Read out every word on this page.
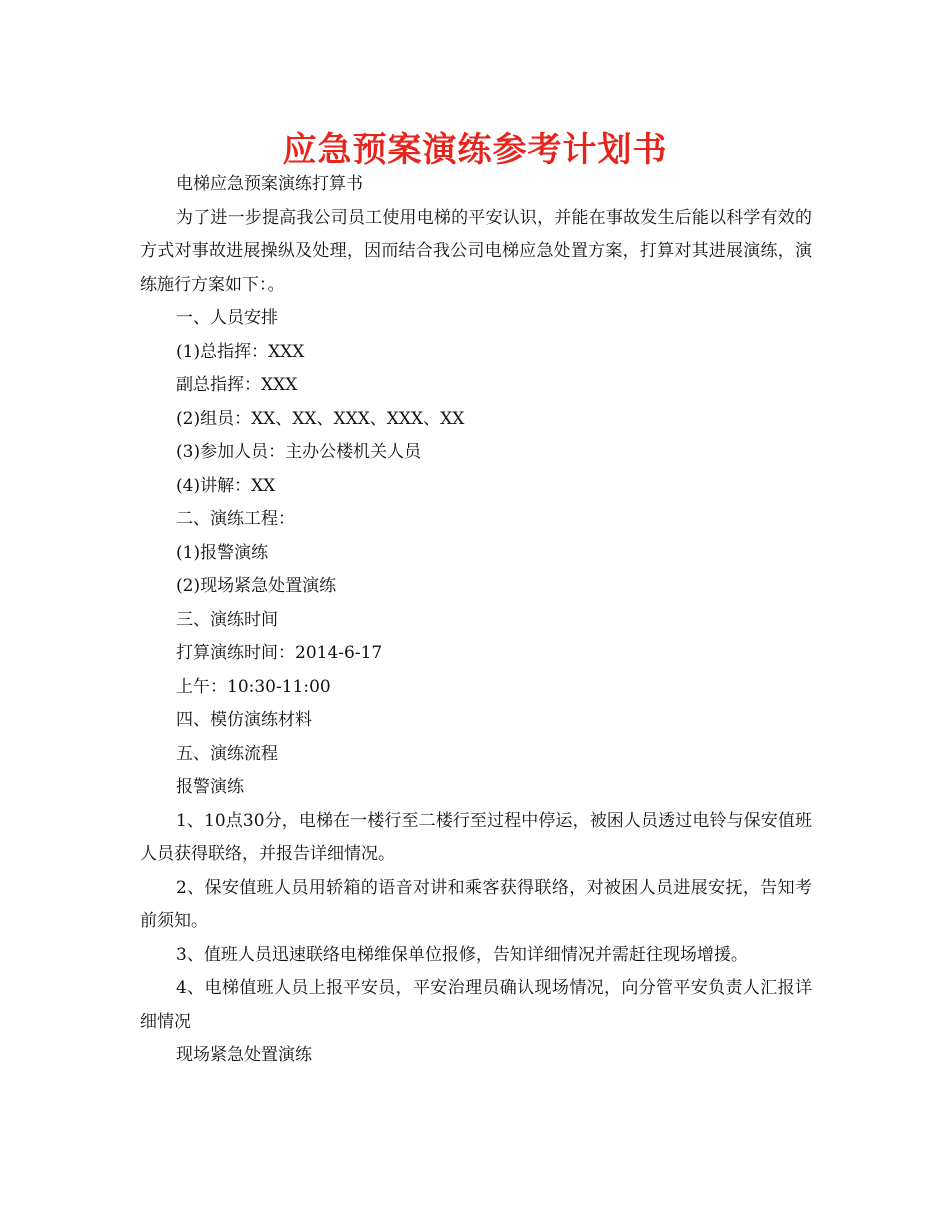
应急预案演练参考计划书

电梯应急预案演练打算书

为了进一步提高我公司员工使用电梯的平安认识，并能在事故发生后能以科学有效的方式对事故进展操纵及处理，因而结合我公司电梯应急处置方案，打算对其进展演练，演练施行方案如下：。

一、人员安排

(1)总指挥：XXX

副总指挥：XXX

(2)组员：XX、XX、XXX、XXX、XX

(3)参加人员：主办公楼机关人员

(4)讲解：XX

二、演练工程：

(1)报警演练

(2)现场紧急处置演练

三、演练时间

打算演练时间：2014-6-17

上午：10:30-11:00

四、模仿演练材料

五、演练流程

报警演练

1、10点30分，电梯在一楼行至二楼行至过程中停运，被困人员透过电铃与保安值班人员获得联络，并报告详细情况。

2、保安值班人员用轿箱的语音对讲和乘客获得联络，对被困人员进展安抚，告知考前须知。

3、值班人员迅速联络电梯维保单位报修，告知详细情况并需赶往现场增援。

4、电梯值班人员上报平安员，平安治理员确认现场情况，向分管平安负责人汇报详细情况

现场紧急处置演练
